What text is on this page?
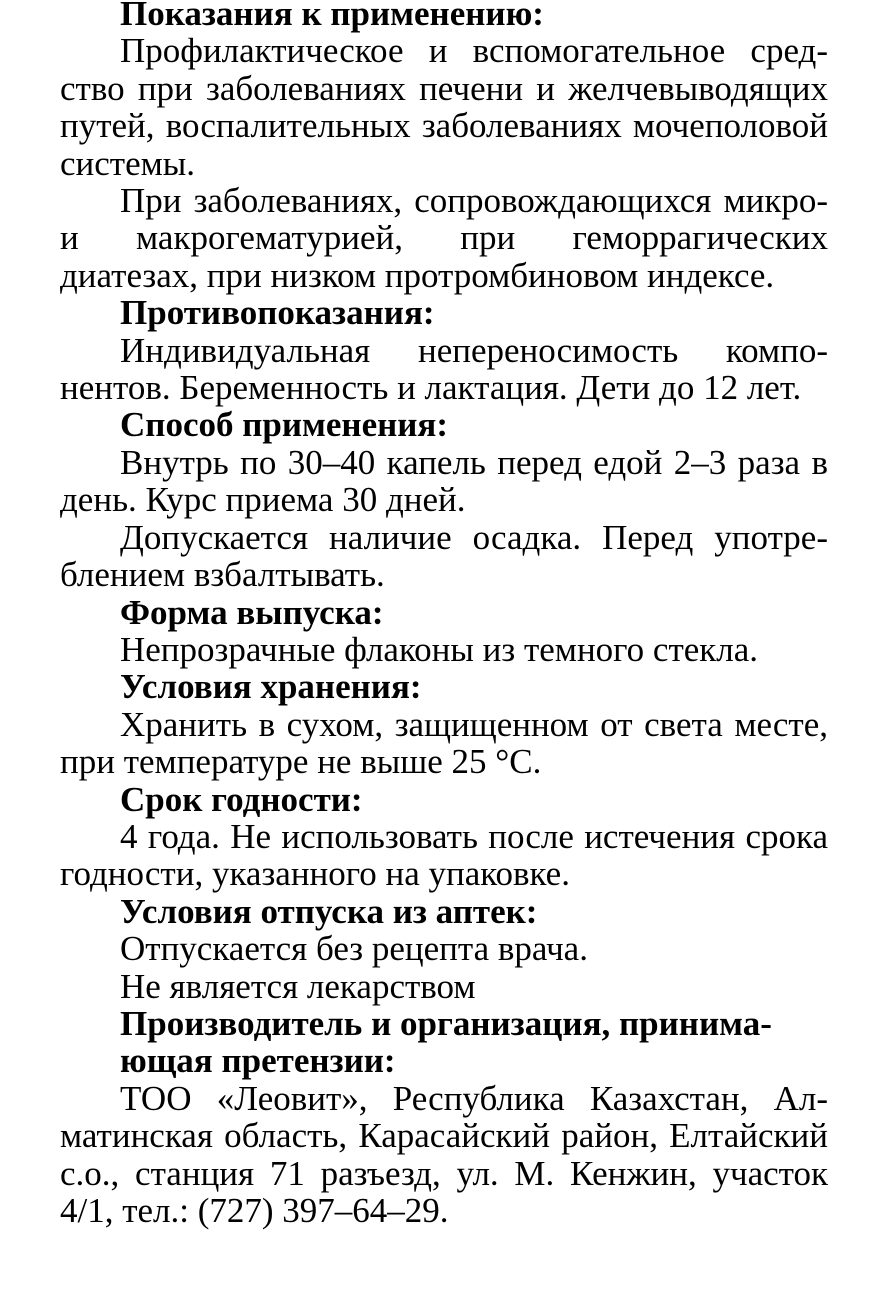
Показания к применению:

Профилактическое и вспомогательное средство при заболеваниях печени и желчевыводящих путей, воспалительных заболеваниях мочеполовой системы.

При заболеваниях, сопровождающихся микро- и макрогематурией, при геморрагических диатезах, при низком протромбиновом индексе.

Противопоказания:

Индивидуальная непереносимость компонентов. Беременность и лактация. Дети до 12 лет.

Способ применения:

Внутрь по 30–40 капель перед едой 2–3 раза в день. Курс приема 30 дней.

Допускается наличие осадка. Перед употреблением взбалтывать.

Форма выпуска:

Непрозрачные флаконы из темного стекла.

Условия хранения:

Хранить в сухом, защищенном от света месте, при температуре не выше 25 °С.

Срок годности:

4 года. Не использовать после истечения срока годности, указанного на упаковке.

Условия отпуска из аптек:

Отпускается без рецепта врача.

Не является лекарством

Производитель и организация, принимающая претензии:

ТОО «Леовит», Республика Казахстан, Алматинская область, Карасайский район, Елтайский с.о., станция 71 разъезд, ул. М. Кенжин, участок 4/1, тел.: (727) 397–64–29.
